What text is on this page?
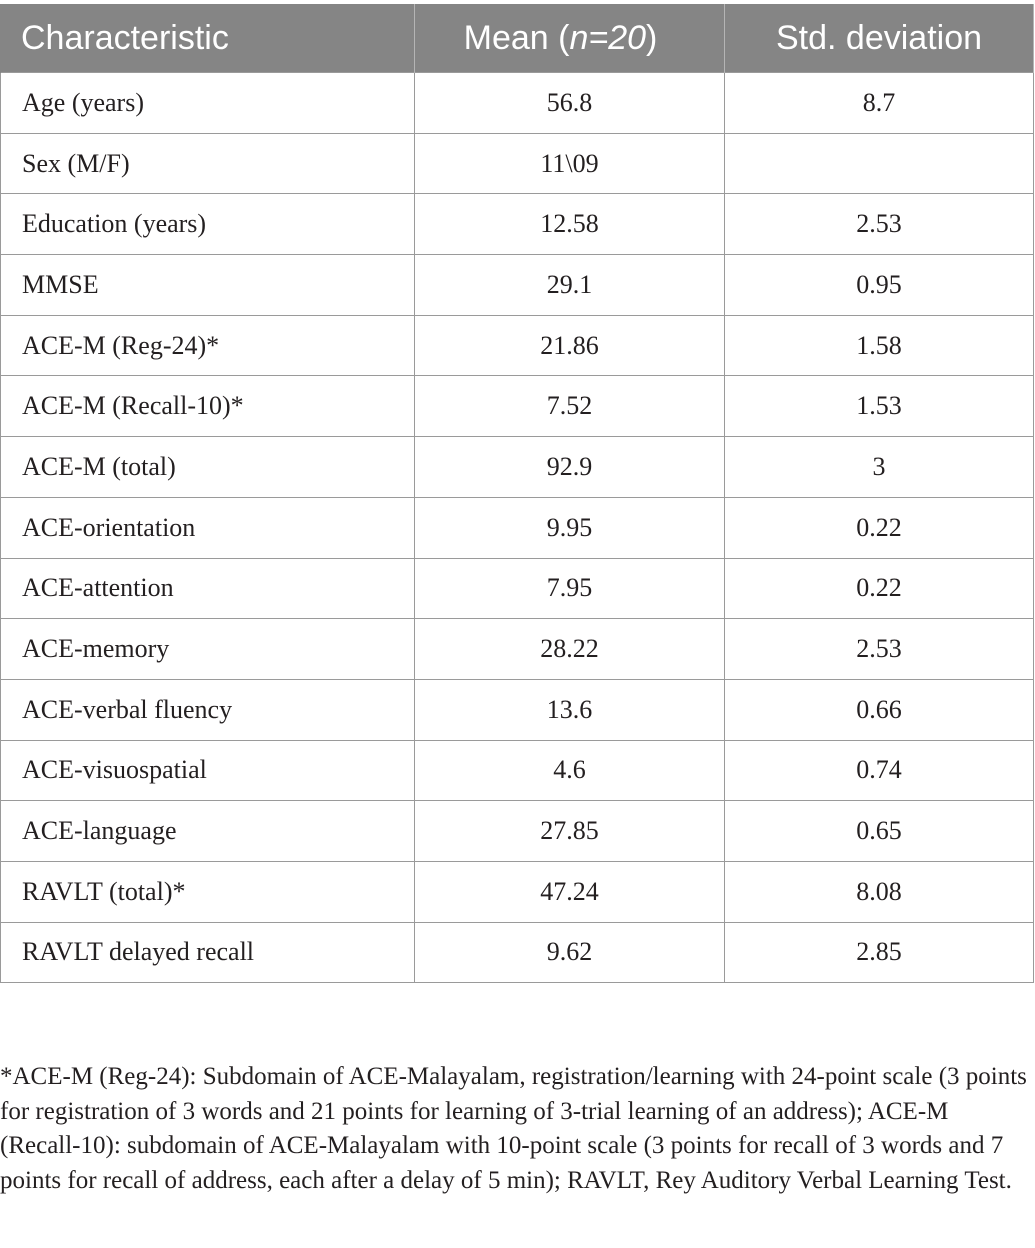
Characteristic	Mean (n=20)	Std. deviation
Age (years)	56.8	8.7
Sex (M/F)	11\09	
Education (years)	12.58	2.53
MMSE	29.1	0.95
ACE-M (Reg-24)*	21.86	1.58
ACE-M (Recall-10)*	7.52	1.53
ACE-M (total)	92.9	3
ACE-orientation	9.95	0.22
ACE-attention	7.95	0.22
ACE-memory	28.22	2.53
ACE-verbal fluency	13.6	0.66
ACE-visuospatial	4.6	0.74
ACE-language	27.85	0.65
RAVLT (total)*	47.24	8.08
RAVLT delayed recall	9.62	2.85

*ACE-M (Reg-24): Subdomain of ACE-Malayalam, registration/learning with 24-point scale (3 points for registration of 3 words and 21 points for learning of 3-trial learning of an address); ACE-M (Recall-10): subdomain of ACE-Malayalam with 10-point scale (3 points for recall of 3 words and 7 points for recall of address, each after a delay of 5 min); RAVLT, Rey Auditory Verbal Learning Test.
